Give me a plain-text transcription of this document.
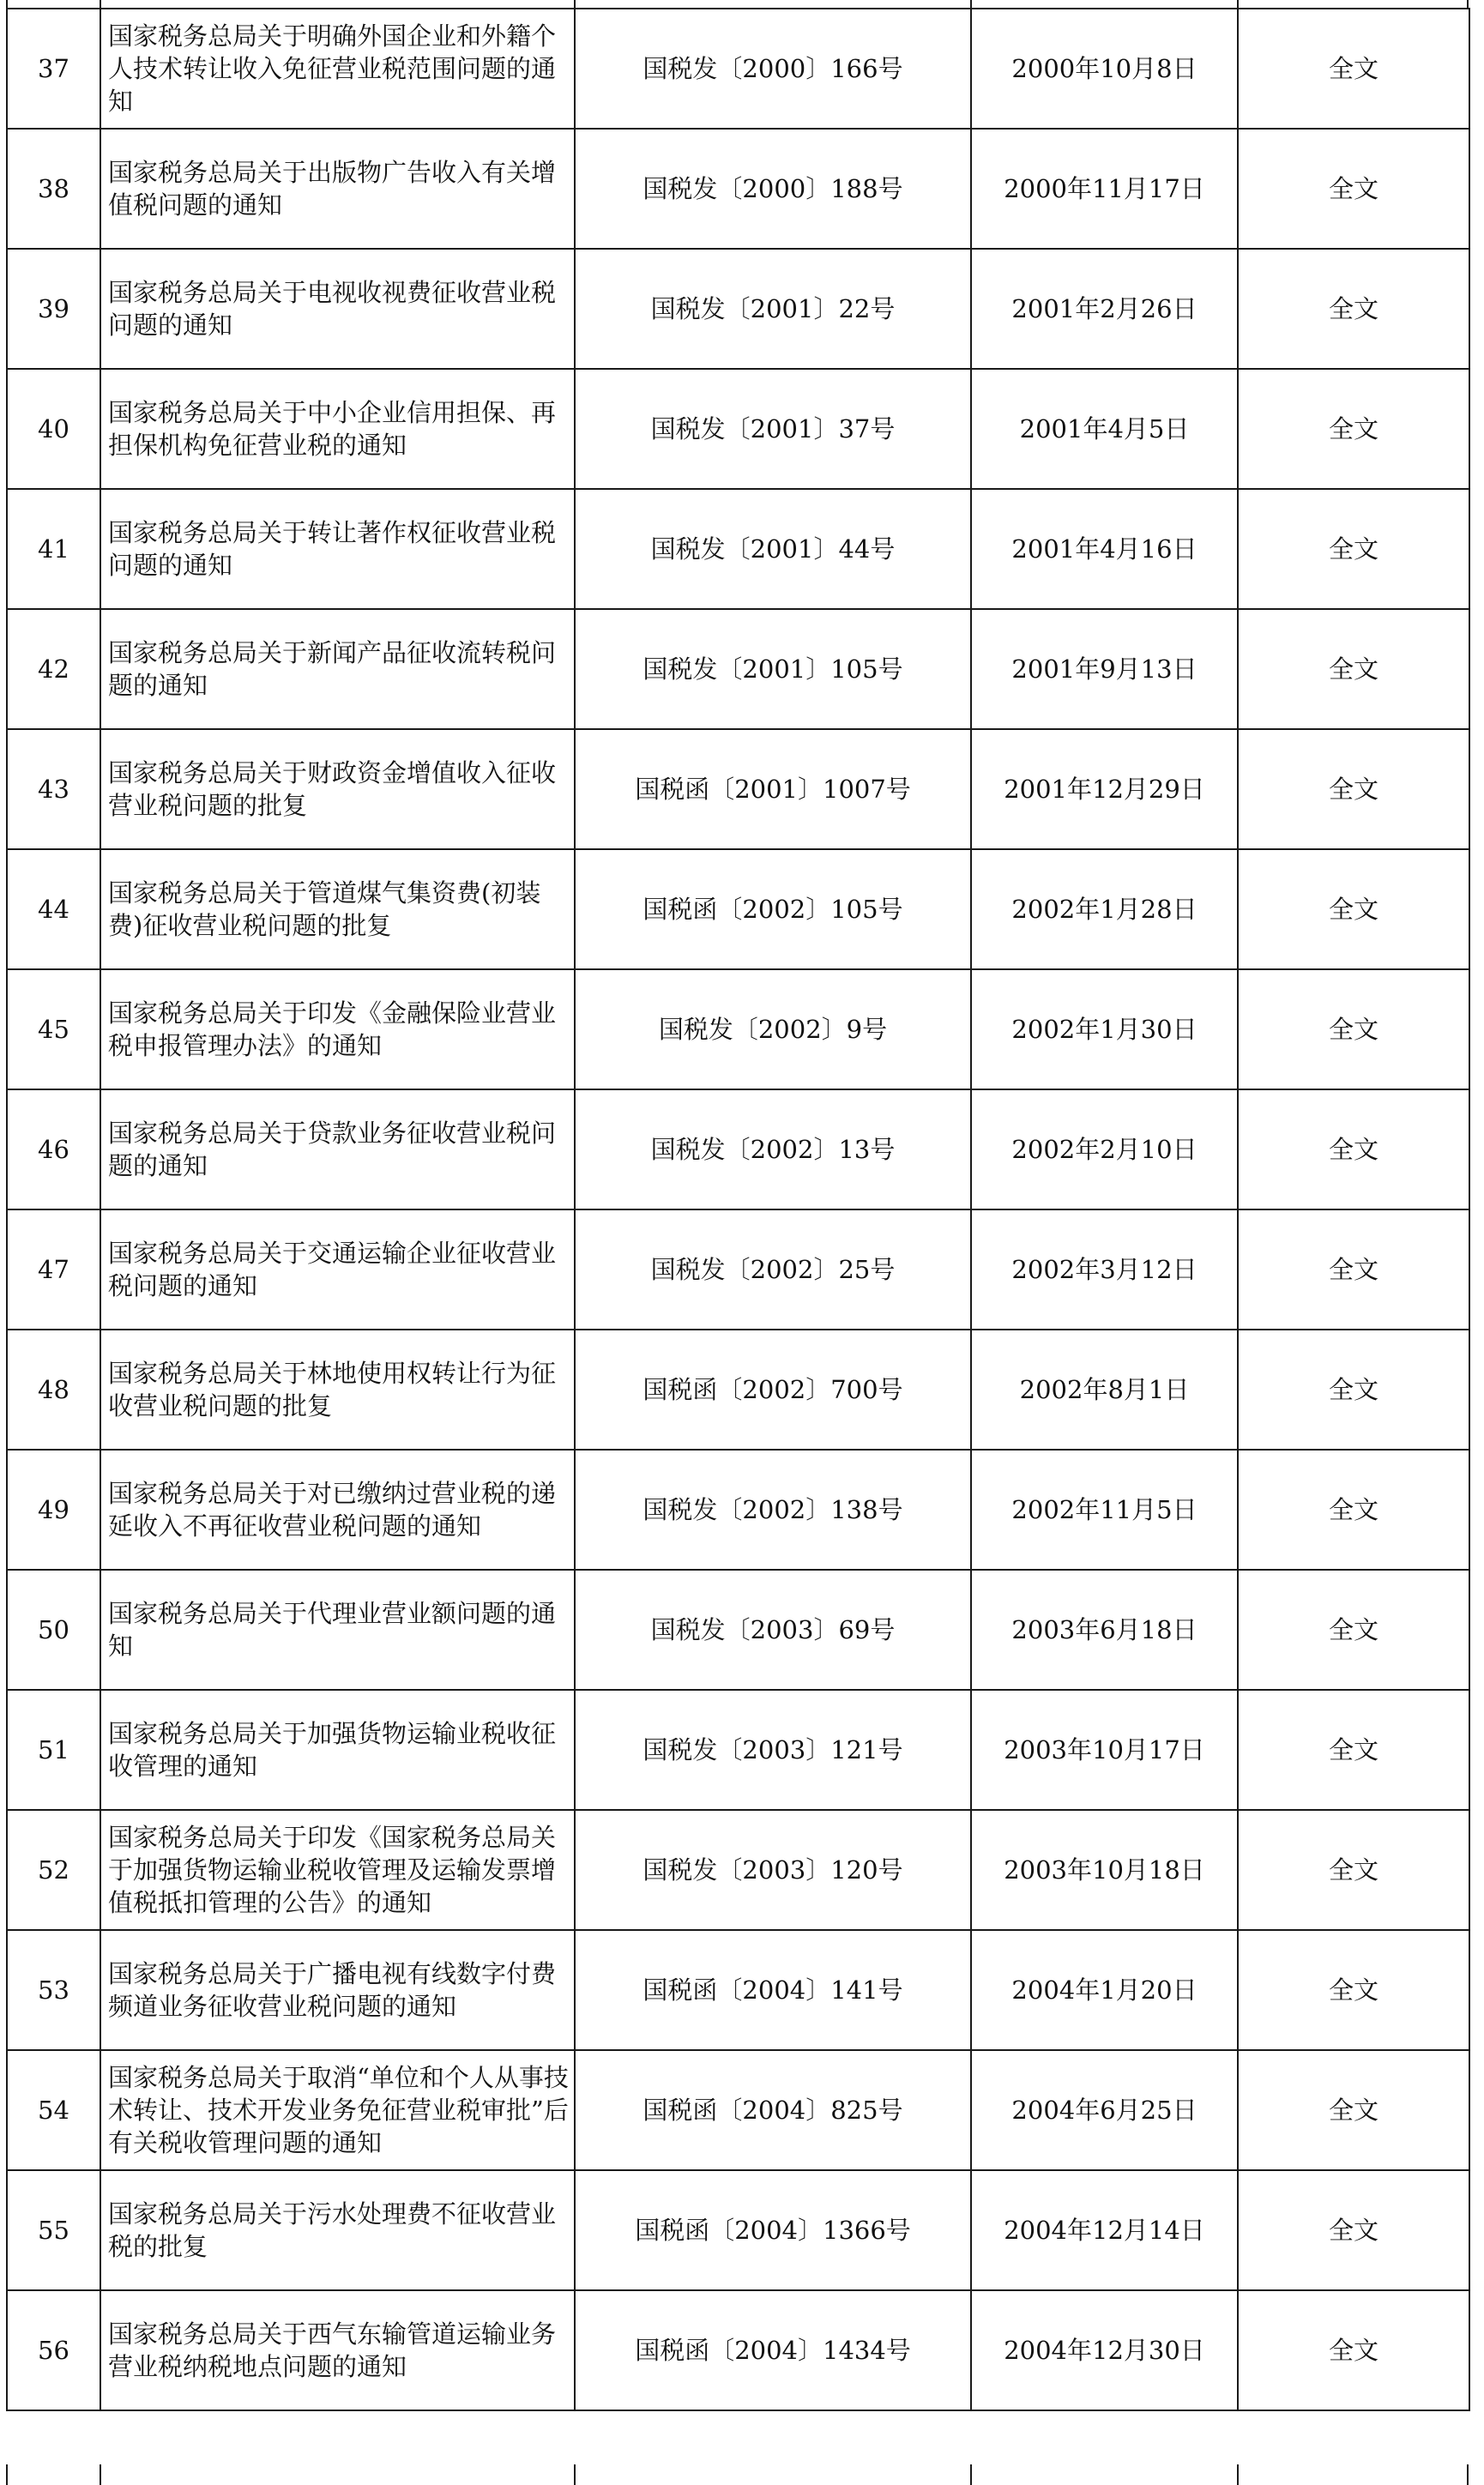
37	国家税务总局关于明确外国企业和外籍个人技术转让收入免征营业税范围问题的通知	国税发〔2000〕166号	2000年10月8日	全文
38	国家税务总局关于出版物广告收入有关增值税问题的通知	国税发〔2000〕188号	2000年11月17日	全文
39	国家税务总局关于电视收视费征收营业税问题的通知	国税发〔2001〕22号	2001年2月26日	全文
40	国家税务总局关于中小企业信用担保、再担保机构免征营业税的通知	国税发〔2001〕37号	2001年4月5日	全文
41	国家税务总局关于转让著作权征收营业税问题的通知	国税发〔2001〕44号	2001年4月16日	全文
42	国家税务总局关于新闻产品征收流转税问题的通知	国税发〔2001〕105号	2001年9月13日	全文
43	国家税务总局关于财政资金增值收入征收营业税问题的批复	国税函〔2001〕1007号	2001年12月29日	全文
44	国家税务总局关于管道煤气集资费(初装费)征收营业税问题的批复	国税函〔2002〕105号	2002年1月28日	全文
45	国家税务总局关于印发《金融保险业营业税申报管理办法》的通知	国税发〔2002〕9号	2002年1月30日	全文
46	国家税务总局关于贷款业务征收营业税问题的通知	国税发〔2002〕13号	2002年2月10日	全文
47	国家税务总局关于交通运输企业征收营业税问题的通知	国税发〔2002〕25号	2002年3月12日	全文
48	国家税务总局关于林地使用权转让行为征收营业税问题的批复	国税函〔2002〕700号	2002年8月1日	全文
49	国家税务总局关于对已缴纳过营业税的递延收入不再征收营业税问题的通知	国税发〔2002〕138号	2002年11月5日	全文
50	国家税务总局关于代理业营业额问题的通知	国税发〔2003〕69号	2003年6月18日	全文
51	国家税务总局关于加强货物运输业税收征收管理的通知	国税发〔2003〕121号	2003年10月17日	全文
52	国家税务总局关于印发《国家税务总局关于加强货物运输业税收管理及运输发票增值税抵扣管理的公告》的通知	国税发〔2003〕120号	2003年10月18日	全文
53	国家税务总局关于广播电视有线数字付费频道业务征收营业税问题的通知	国税函〔2004〕141号	2004年1月20日	全文
54	国家税务总局关于取消“单位和个人从事技术转让、技术开发业务免征营业税审批”后有关税收管理问题的通知	国税函〔2004〕825号	2004年6月25日	全文
55	国家税务总局关于污水处理费不征收营业税的批复	国税函〔2004〕1366号	2004年12月14日	全文
56	国家税务总局关于西气东输管道运输业务营业税纳税地点问题的通知	国税函〔2004〕1434号	2004年12月30日	全文
